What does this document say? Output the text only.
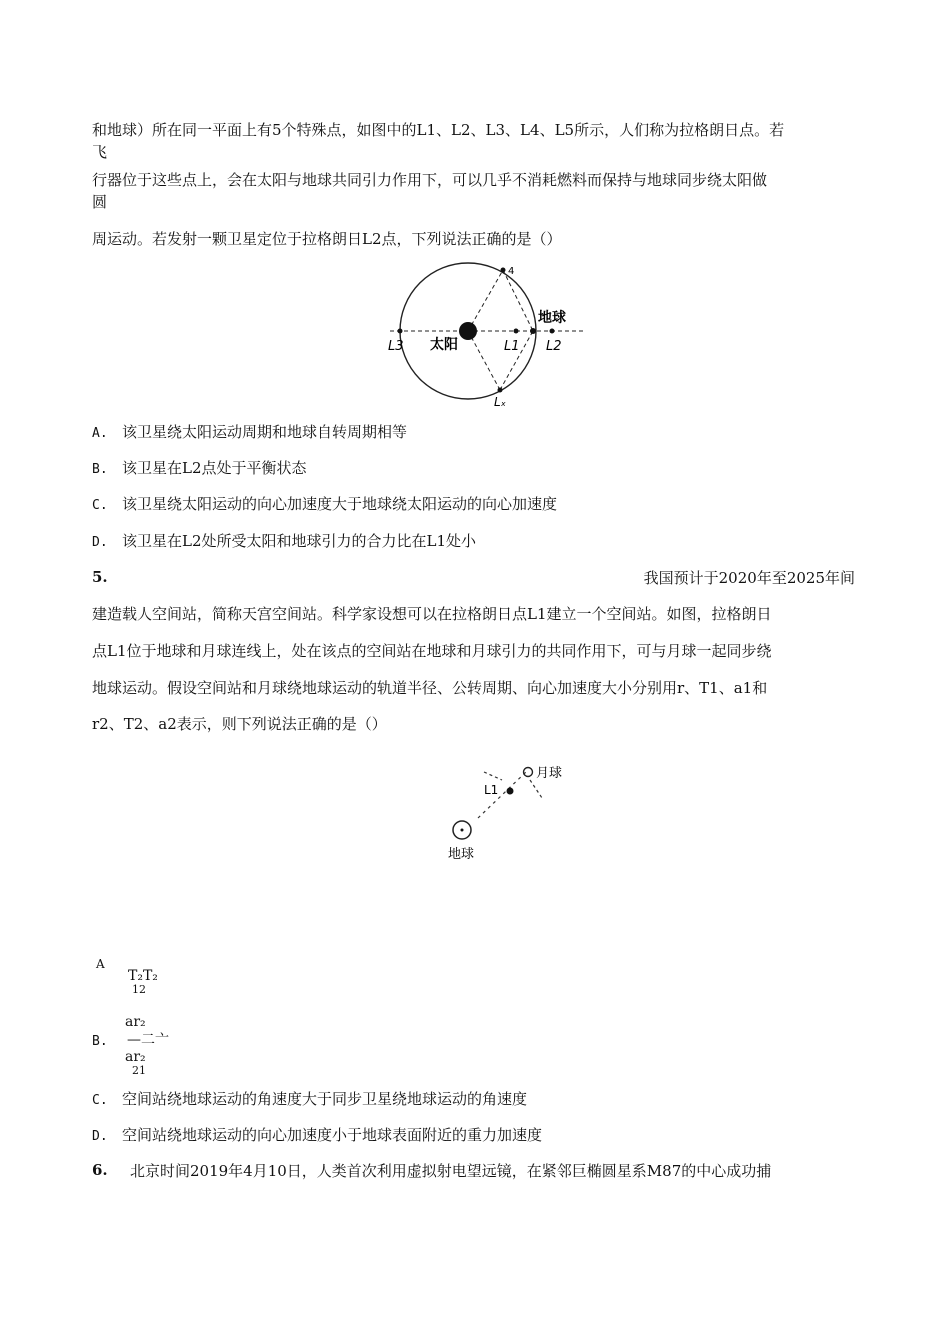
和地球）所在同一平面上有5个特殊点，如图中的L1、L2、L3、L4、L5所示，人们称为拉格朗日点。若
飞
行器位于这些点上，会在太阳与地球共同引力作用下，可以几乎不消耗燃料而保持与地球同步绕太阳做
圆
周运动。若发射一颗卫星定位于拉格朗日L2点，下列说法正确的是（）
太阳
地球
L1 L2
L3
4
Lₓ
A. 该卫星绕太阳运动周期和地球自转周期相等
B. 该卫星在L2点处于平衡状态
C. 该卫星绕太阳运动的向心加速度大于地球绕太阳运动的向心加速度
D. 该卫星在L2处所受太阳和地球引力的合力比在L1处小
5.	我国预计于2020年至2025年间
建造载人空间站，简称天宫空间站。科学家设想可以在拉格朗日点L1建立一个空间站。如图，拉格朗日
点L1位于地球和月球连线上，处在该点的空间站在地球和月球引力的共同作用下，可与月球一起同步绕
地球运动。假设空间站和月球绕地球运动的轨道半径、公转周期、向心加速度大小分别用r、T1、a1和
r2、T2、a2表示，则下列说法正确的是（）
月球
L1
地球
A
T₂T₂
12
ar₂
B. —二亠
ar₂
21
C. 空间站绕地球运动的角速度大于同步卫星绕地球运动的角速度
D. 空间站绕地球运动的向心加速度小于地球表面附近的重力加速度
6. 北京时间2019年4月10日，人类首次利用虚拟射电望远镜，在紧邻巨椭圆星系M87的中心成功捕
